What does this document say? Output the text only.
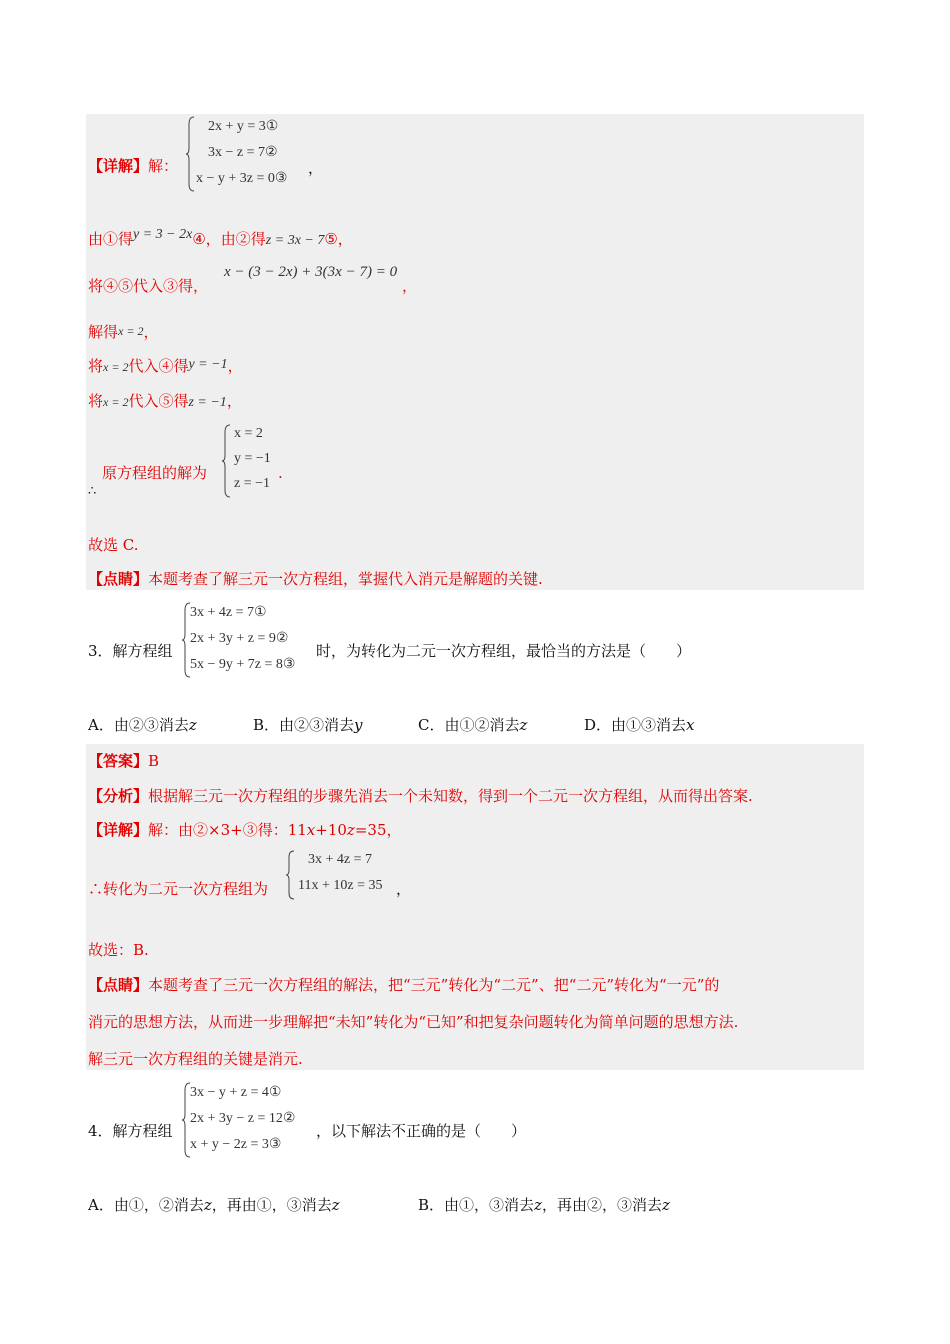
【详解】解：
2x + y = 3①
3x − z = 7②
x − y + 3z = 0③
，
由①得y = 3 − 2x④，由②得z = 3x − 7⑤，
将④⑤代入③得，
x − (3 − 2x) + 3(3x − 7) = 0
，
解得x = 2，
将x = 2代入④得y = −1，
将x = 2代入⑤得z = −1，
∴
原方程组的解为
x = 2
y = −1
z = −1
.
故选 C.
【点睛】本题考查了解三元一次方程组，掌握代入消元是解题的关键.
3．解方程组
3x + 4z = 7①
2x + 3y + z = 9②
5x − 9y + 7z = 8③
时，为转化为二元一次方程组，最恰当的方法是（　　）
A．由②③消去z	B．由②③消去y	C．由①②消去z	D．由①③消去x
【答案】B
【分析】根据解三元一次方程组的步骤先消去一个未知数，得到一个二元一次方程组，从而得出答案.
【详解】解：由②×3+③得：11x+10z=35，
∴转化为二元一次方程组为
3x + 4z = 7
11x + 10z = 35 ，
故选：B.
【点睛】本题考查了三元一次方程组的解法，把“三元”转化为“二元”、把“二元”转化为“一元”的
消元的思想方法，从而进一步理解把“未知”转化为“已知”和把复杂问题转化为简单问题的思想方法.
解三元一次方程组的关键是消元.
4．解方程组
3x − y + z = 4①
2x + 3y − z = 12②
x + y − 2z = 3③
，以下解法不正确的是（　　）
A．由①，②消去z，再由①，③消去z	B．由①，③消去z，再由②，③消去z
